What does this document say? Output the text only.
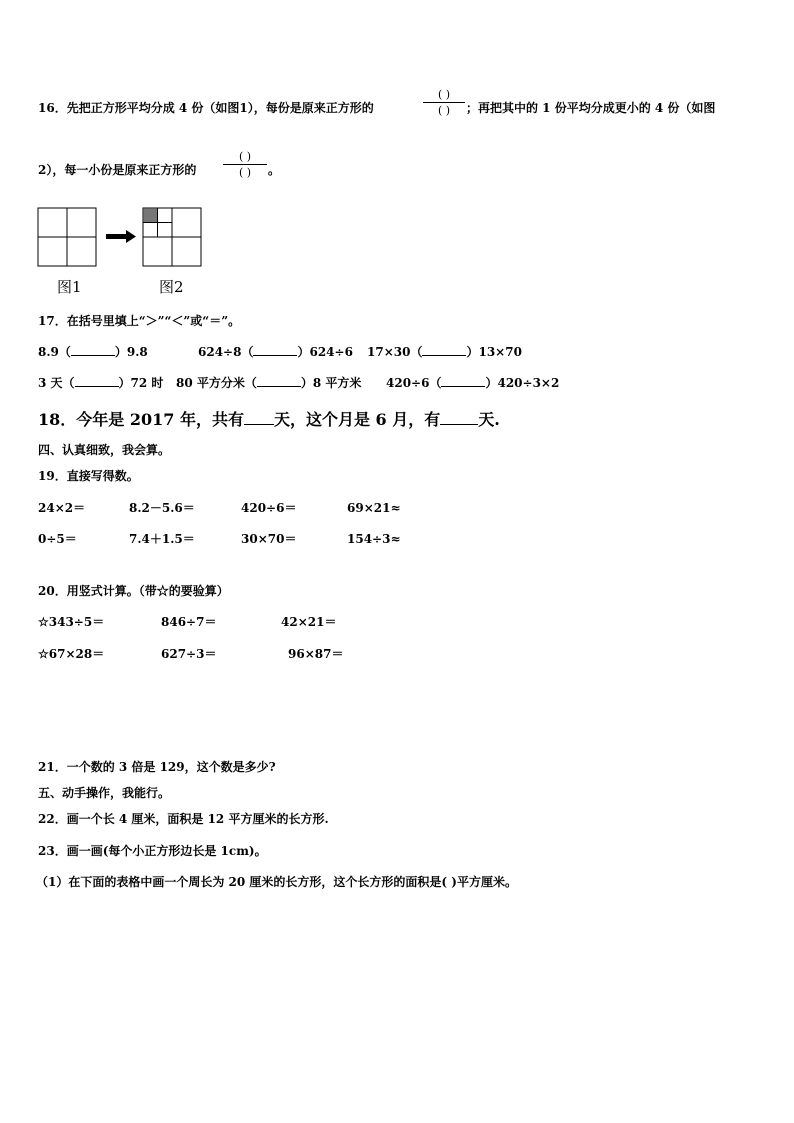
16．先把正方形平均分成 4 份（如图1），每份是原来正方形的
( )
( )	；再把其中的 1 份平均分成更小的 4 份（如图
2），每一小份是原来正方形的
( )
( )	。
图1	图2
17．在括号里填上“＞”“＜”或“＝”。
8.9（	）9.8	624÷8（	）624÷6 17×30（	）13×70
3 天（	）72 时 80 平方分米（	）8 平方米 420÷6（	）420÷3×2
18．今年是 2017 年，共有 天，这个月是 6 月，有 天.
四、认真细致，我会算。
19．直接写得数。
24×2＝	8.2－5.6＝	420÷6＝	69×21≈
0÷5＝	7.4＋1.5＝	30×70＝	154÷3≈
20．用竖式计算。（带☆的要验算）
☆343÷5＝	846÷7＝	42×21＝
☆67×28＝	627÷3＝	96×87＝
21．一个数的 3 倍是 129，这个数是多少?
五、动手操作，我能行。
22．画一个长 4 厘米，面积是 12 平方厘米的长方形.
23．画一画(每个小正方形边长是 1cm)。
（1）在下面的表格中画一个周长为 20 厘米的长方形，这个长方形的面积是( )平方厘米。
